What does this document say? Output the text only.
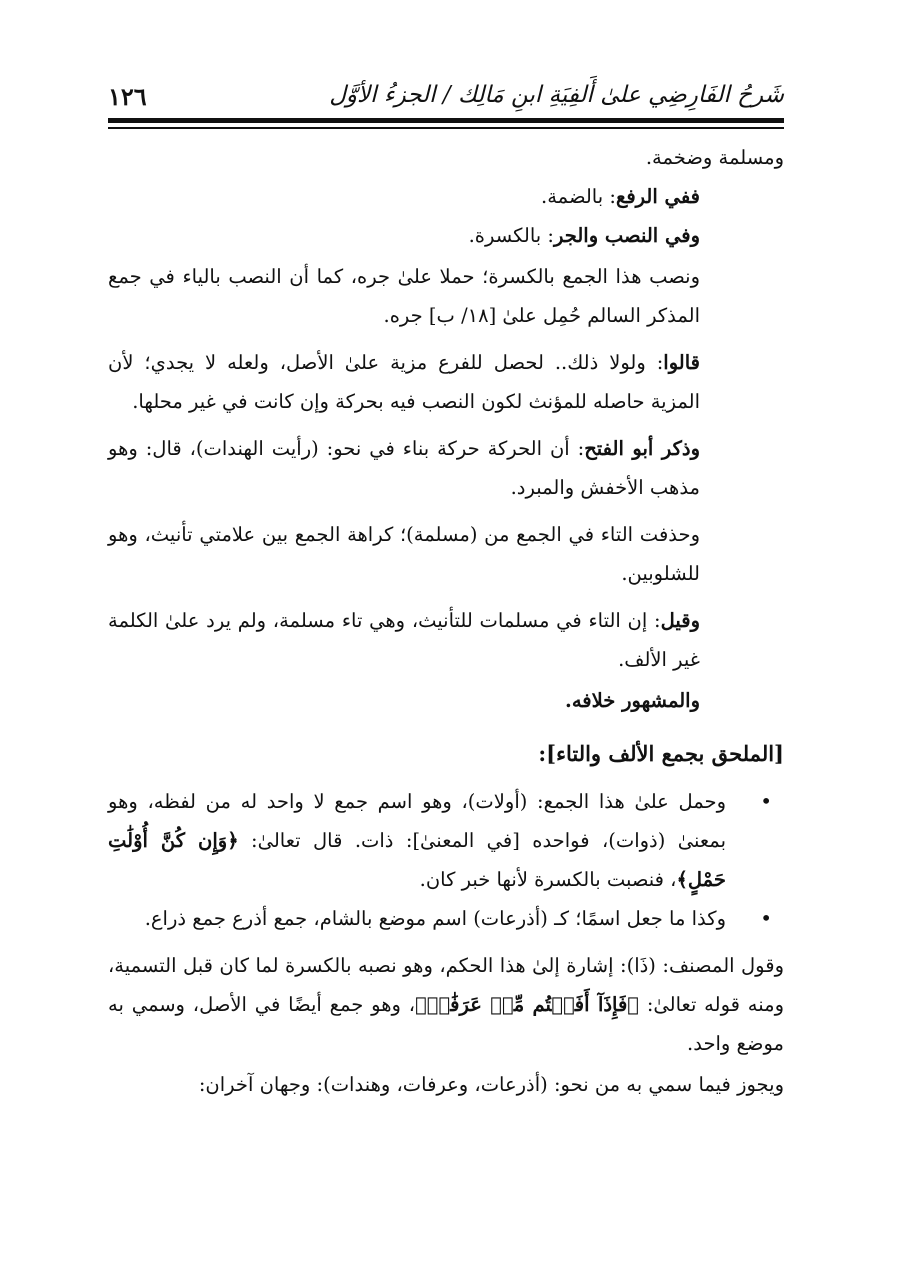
شَرحُ الفَارِضِي علىٰ أَلفِيَةِ ابنِ مَالِك / الجزءُ الأوَّل
١٢٦

ومسلمة وضخمة.

ففي الرفع: بالضمة.

وفي النصب والجر: بالكسرة.

ونصب هذا الجمع بالكسرة؛ حملا علىٰ جره، كما أن النصب بالياء في جمع المذكر السالم حُمِل علىٰ [١٨/ ب] جره.

قالوا: ولولا ذلك.. لحصل للفرع مزية علىٰ الأصل، ولعله لا يجدي؛ لأن المزية حاصله للمؤنث لكون النصب فيه بحركة وإن كانت في غير محلها.

وذكر أبو الفتح: أن الحركة حركة بناء في نحو: (رأيت الهندات)، قال: وهو مذهب الأخفش والمبرد.

وحذفت التاء في الجمع من (مسلمة)؛ كراهة الجمع بين علامتي تأنيث، وهو للشلوبين.

وقيل: إن التاء في مسلمات للتأنيث، وهي تاء مسلمة، ولم يرد علىٰ الكلمة غير الألف.

والمشهور خلافه.

[الملحق بجمع الألف والتاء]:

•
وحمل علىٰ هذا الجمع: (أولات)، وهو اسم جمع لا واحد له من لفظه، وهو بمعنىٰ (ذوات)، فواحده [في المعنىٰ]: ذات. قال تعالىٰ: ﴿وَإِن كُنَّ أُوْلَٰتِ حَمْلٍ﴾، فنصبت بالكسرة لأنها خبر كان.

•
وكذا ما جعل اسمًا؛ كـ (أذرعات) اسم موضع بالشام، جمع أذرع جمع ذراع.

وقول المصنف: (ذَا): إشارة إلىٰ هذا الحكم، وهو نصبه بالكسرة لما كان قبل التسمية، ومنه قوله تعالىٰ: ﴿فَإِذَآ أَفَضۡتُم مِّنۡ عَرَفَٰتٖ﴾، وهو جمع أيضًا في الأصل، وسمي به موضع واحد.

ويجوز فيما سمي به من نحو: (أذرعات، وعرفات، وهندات): وجهان آخران:
